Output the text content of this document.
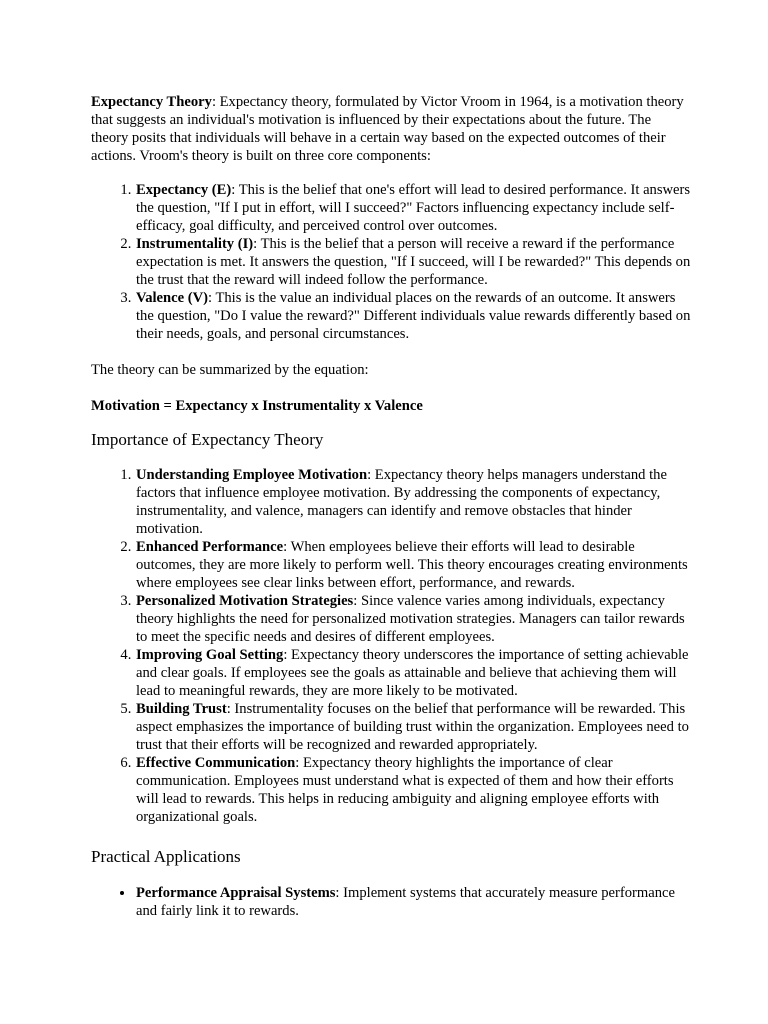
Expectancy Theory: Expectancy theory, formulated by Victor Vroom in 1964, is a motivation theory that suggests an individual's motivation is influenced by their expectations about the future. The theory posits that individuals will behave in a certain way based on the expected outcomes of their actions. Vroom's theory is built on three core components:

1. Expectancy (E): This is the belief that one's effort will lead to desired performance. It answers the question, "If I put in effort, will I succeed?" Factors influencing expectancy include self-efficacy, goal difficulty, and perceived control over outcomes.
2. Instrumentality (I): This is the belief that a person will receive a reward if the performance expectation is met. It answers the question, "If I succeed, will I be rewarded?" This depends on the trust that the reward will indeed follow the performance.
3. Valence (V): This is the value an individual places on the rewards of an outcome. It answers the question, "Do I value the reward?" Different individuals value rewards differently based on their needs, goals, and personal circumstances.

The theory can be summarized by the equation:

Motivation = Expectancy x Instrumentality x Valence

Importance of Expectancy Theory
1. Understanding Employee Motivation: Expectancy theory helps managers understand the factors that influence employee motivation. By addressing the components of expectancy, instrumentality, and valence, managers can identify and remove obstacles that hinder motivation.
2. Enhanced Performance: When employees believe their efforts will lead to desirable outcomes, they are more likely to perform well. This theory encourages creating environments where employees see clear links between effort, performance, and rewards.
3. Personalized Motivation Strategies: Since valence varies among individuals, expectancy theory highlights the need for personalized motivation strategies. Managers can tailor rewards to meet the specific needs and desires of different employees.
4. Improving Goal Setting: Expectancy theory underscores the importance of setting achievable and clear goals. If employees see the goals as attainable and believe that achieving them will lead to meaningful rewards, they are more likely to be motivated.
5. Building Trust: Instrumentality focuses on the belief that performance will be rewarded. This aspect emphasizes the importance of building trust within the organization. Employees need to trust that their efforts will be recognized and rewarded appropriately.
6. Effective Communication: Expectancy theory highlights the importance of clear communication. Employees must understand what is expected of them and how their efforts will lead to rewards. This helps in reducing ambiguity and aligning employee efforts with organizational goals.
Practical Applications
• Performance Appraisal Systems: Implement systems that accurately measure performance and fairly link it to rewards.
